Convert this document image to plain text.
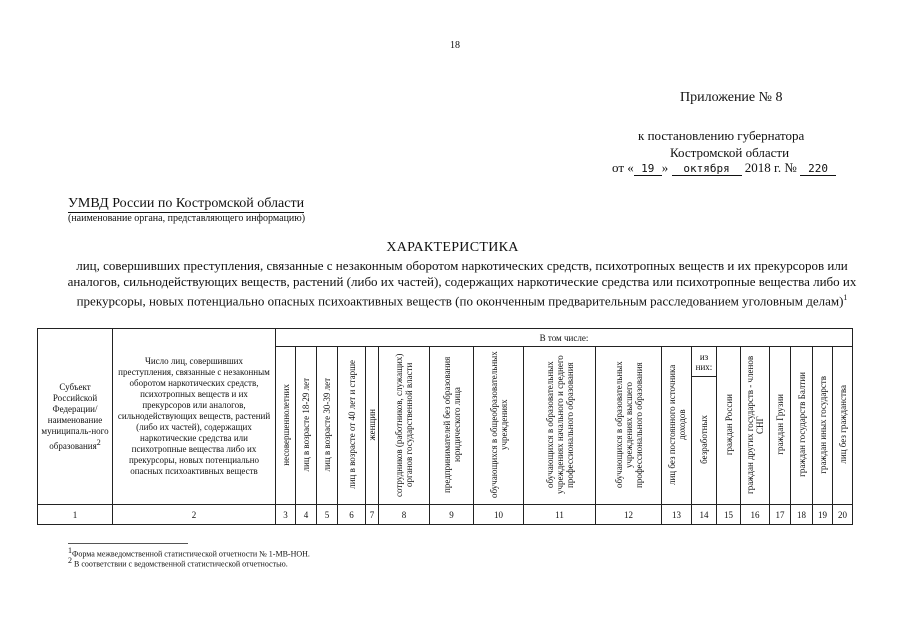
18
Приложение № 8
к постановлению губернатора
Костромской области
от « 19 » октября 2018 г. № 220
УМВД России по Костромской области
(наименование органа, представляющего информацию)
ХАРАКТЕРИСТИКА
лиц, совершивших преступления, связанные с незаконным оборотом наркотических средств, психотропных веществ и их прекурсоров или аналогов, сильнодействующих веществ, растений (либо их частей), содержащих наркотические средства или психотропные вещества либо их прекурсоры, новых потенциально опасных психоактивных веществ (по оконченным предварительным расследованием уголовным делам)$^1$
Субъект Российской Федерации/ наименование муниципаль-ного образования$^2$	Число лиц, совершивших преступления, связанные с незаконным оборотом наркотических средств, психотропных веществ и их прекурсоров или аналогов, сильнодействующих веществ, растений (либо их частей), содержащих наркотические средства или психотропные вещества либо их прекурсоры, новых потенциально опасных психоактивных веществ	В том числе:																	
		несовершеннолетних	лиц в возрасте 18-29 лет	лиц в возрасте 30-39 лет	лиц в возрасте от 40 лет и старше	женщин	сотрудников (работников, служащих) органов государственной власти	предпринимателей без образования юридического лица	обучающихся в общеобразовательных учреждениях	обучающихся в образовательных учреждениях начального и среднего профессионального образования	обучающихся в образовательных учреждениях высшего профессионального образования	лиц без постоянного источника доходов	из них:	граждан России	граждан других государств - членов СНГ	граждан Грузии	граждан государств Балтии	граждан иных государств	лиц без гражданства
													безработных						
1	2	3	4	5	6	7	8	9	10	11	12	13	14	15	16	17	18	19	20
$^1$Форма межведомственной статистической отчетности № 1-МВ-НОН.
$^2$ В соответствии с ведомственной статистической отчетностью.
